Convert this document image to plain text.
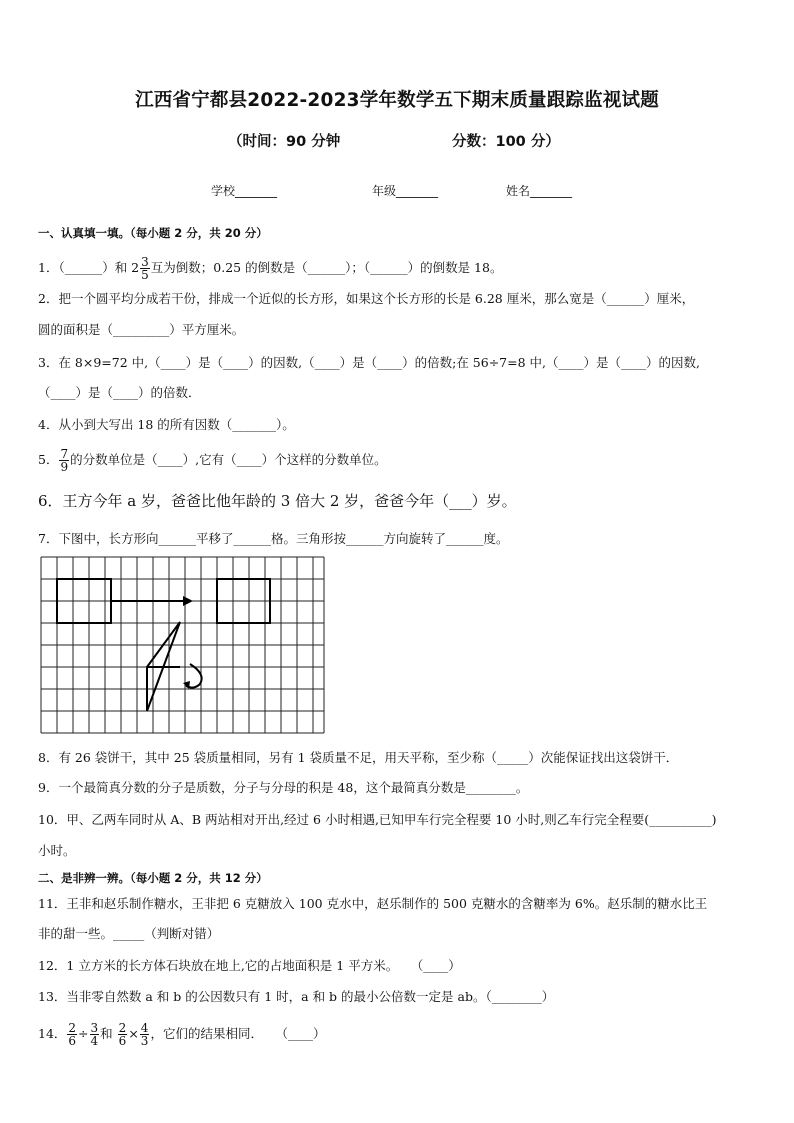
江西省宁都县2022-2023学年数学五下期末质量跟踪监视试题
（时间：90 分钟	分数：100 分）
学校_______	年级_______	姓名_______
一、认真填一填。（每小题 2 分，共 20 分）
1．（______）和 $2 \frac{3}{5}$ 互为倒数；0.25 的倒数是（______）；（______）的倒数是 18。
2．把一个圆平均分成若干份，排成一个近似的长方形，如果这个长方形的长是 6.28 厘米，那么宽是（______）厘米，
圆的面积是（_________）平方厘米。
3．在 8×9=72 中,（____）是（____）的因数,（____）是（____）的倍数;在 56÷7=8 中,（____）是（____）的因数,
（____）是（____）的倍数．
4．从小到大写出 18 的所有因数（_______）。
5． $\frac{7}{9}$ 的分数单位是（____）,它有（____）个这样的分数单位。
6．王方今年 a 岁，爸爸比他年龄的 3 倍大 2 岁，爸爸今年（___）岁。
7．下图中，长方形向______平移了______格。三角形按______方向旋转了______度。
8．有 26 袋饼干，其中 25 袋质量相同，另有 1 袋质量不足，用天平称，至少称（_____）次能保证找出这袋饼干．
9．一个最简真分数的分子是质数，分子与分母的积是 48，这个最简真分数是________。
10．甲、乙两车同时从 A、B 两站相对开出,经过 6 小时相遇,已知甲车行完全程要 10 小时,则乙车行完全程要(__________)
小时。
二、是非辨一辨。（每小题 2 分，共 12 分）
11．王非和赵乐制作糖水，王非把 6 克糖放入 100 克水中，赵乐制作的 500 克糖水的含糖率为 6%。赵乐制的糖水比王
非的甜一些。_____（判断对错）
12．1 立方米的长方体石块放在地上,它的占地面积是 1 平方米。　　（____）
13．当非零自然数 a 和 b 的公因数只有 1 时，a 和 b 的最小公倍数一定是 ab。（________）
14． $\frac{2}{6} \div \frac{3}{4}$ 和 $\frac{2}{6} \times \frac{4}{3}$ ，它们的结果相同．　　（____）
